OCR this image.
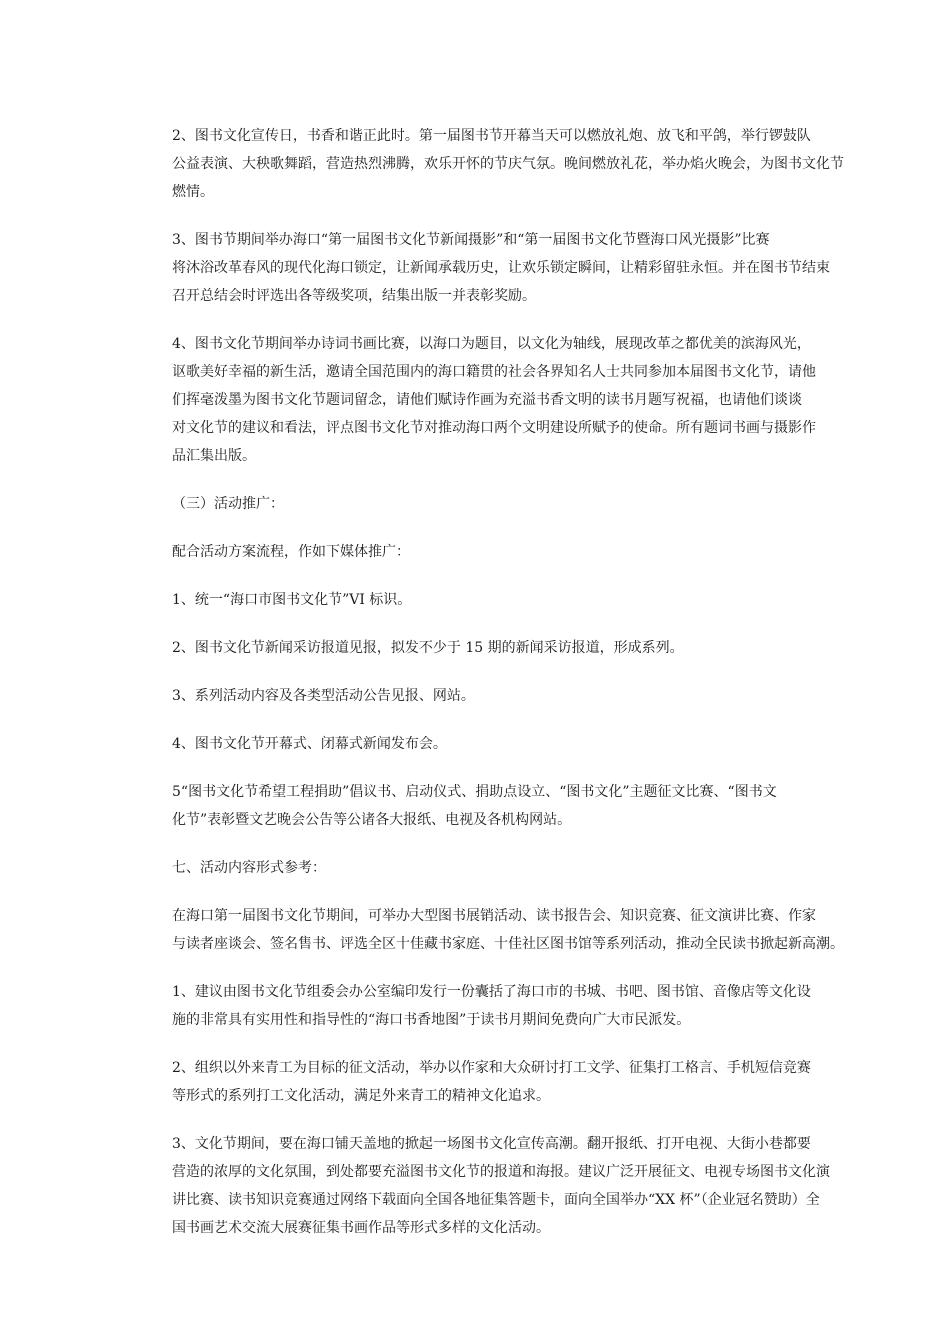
2、图书文化宣传日，书香和谐正此时。第一届图书节开幕当天可以燃放礼炮、放飞和平鸽，举行锣鼓队
公益表演、大秧歌舞蹈，营造热烈沸腾，欢乐开怀的节庆气氛。晚间燃放礼花，举办焰火晚会，为图书文化节
燃情。

3、图书节期间举办海口“第一届图书文化节新闻摄影”和“第一届图书文化节暨海口风光摄影”比赛
将沐浴改革春风的现代化海口锁定，让新闻承载历史，让欢乐锁定瞬间，让精彩留驻永恒。并在图书节结束
召开总结会时评选出各等级奖项，结集出版一并表彰奖励。

4、图书文化节期间举办诗词书画比赛，以海口为题目，以文化为轴线，展现改革之都优美的滨海风光，
讴歌美好幸福的新生活，邀请全国范围内的海口籍贯的社会各界知名人士共同参加本届图书文化节，请他
们挥毫泼墨为图书文化节题词留念，请他们赋诗作画为充溢书香文明的读书月题写祝福，也请他们谈谈
对文化节的建议和看法，评点图书文化节对推动海口两个文明建设所赋予的使命。所有题词书画与摄影作
品汇集出版。

（三）活动推广：

配合活动方案流程，作如下媒体推广：

1、统一“海口市图书文化节”VI 标识。

2、图书文化节新闻采访报道见报，拟发不少于 15 期的新闻采访报道，形成系列。

3、系列活动内容及各类型活动公告见报、网站。

4、图书文化节开幕式、闭幕式新闻发布会。

5“图书文化节希望工程捐助”倡议书、启动仪式、捐助点设立、“图书文化”主题征文比赛、“图书文
化节”表彰暨文艺晚会公告等公诸各大报纸、电视及各机构网站。

七、活动内容形式参考：

在海口第一届图书文化节期间，可举办大型图书展销活动、读书报告会、知识竞赛、征文演讲比赛、作家
与读者座谈会、签名售书、评选全区十佳藏书家庭、十佳社区图书馆等系列活动，推动全民读书掀起新高潮。

1、建议由图书文化节组委会办公室编印发行一份囊括了海口市的书城、书吧、图书馆、音像店等文化设
施的非常具有实用性和指导性的“海口书香地图”于读书月期间免费向广大市民派发。

2、组织以外来青工为目标的征文活动，举办以作家和大众研讨打工文学、征集打工格言、手机短信竞赛
等形式的系列打工文化活动，满足外来青工的精神文化追求。

3、文化节期间，要在海口铺天盖地的掀起一场图书文化宣传高潮。翻开报纸、打开电视、大街小巷都要
营造的浓厚的文化氛围，到处都要充溢图书文化节的报道和海报。建议广泛开展征文、电视专场图书文化演
讲比赛、读书知识竞赛通过网络下载面向全国各地征集答题卡，面向全国举办“XX 杯”（企业冠名赞助）全
国书画艺术交流大展赛征集书画作品等形式多样的文化活动。
